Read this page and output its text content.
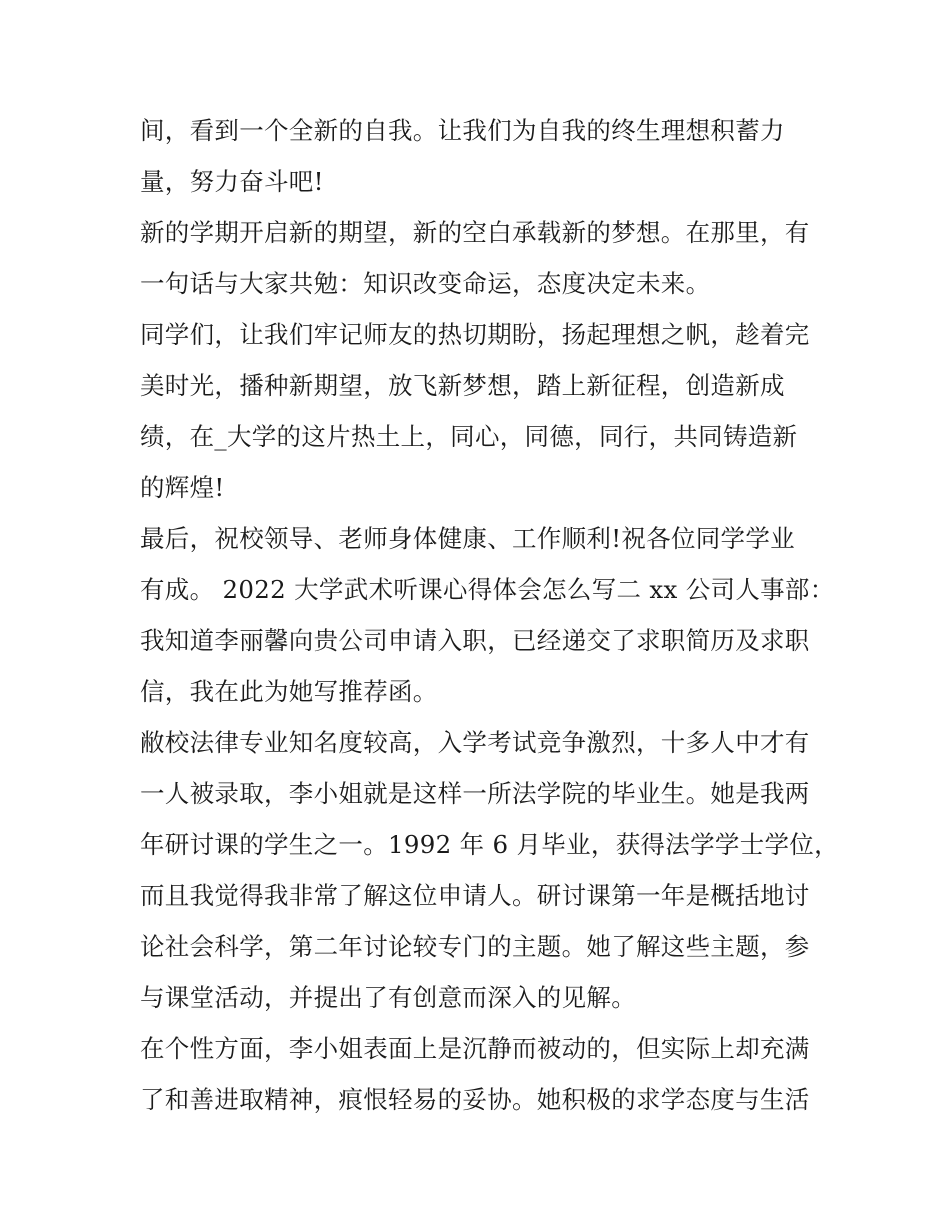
间，看到一个全新的自我。让我们为自我的终生理想积蓄力
量，努力奋斗吧!

新的学期开启新的期望，新的空白承载新的梦想。在那里，有
一句话与大家共勉：知识改变命运，态度决定未来。

同学们，让我们牢记师友的热切期盼，扬起理想之帆，趁着完
美时光，播种新期望，放飞新梦想，踏上新征程，创造新成
绩，在_大学的这片热土上，同心，同德，同行，共同铸造新
的辉煌!

最后，祝校领导、老师身体健康、工作顺利!祝各位同学学业
有成。 2022 大学武术听课心得体会怎么写二 xx 公司人事部：
我知道李丽馨向贵公司申请入职，已经递交了求职简历及求职
信，我在此为她写推荐函。

敝校法律专业知名度较高，入学考试竞争激烈，十多人中才有
一人被录取，李小姐就是这样一所法学院的毕业生。她是我两
年研讨课的学生之一。1992 年 6 月毕业，获得法学学士学位，
而且我觉得我非常了解这位申请人。研讨课第一年是概括地讨
论社会科学，第二年讨论较专门的主题。她了解这些主题，参
与课堂活动，并提出了有创意而深入的见解。

在个性方面，李小姐表面上是沉静而被动的，但实际上却充满
了和善进取精神，痕恨轻易的妥协。她积极的求学态度与生活
